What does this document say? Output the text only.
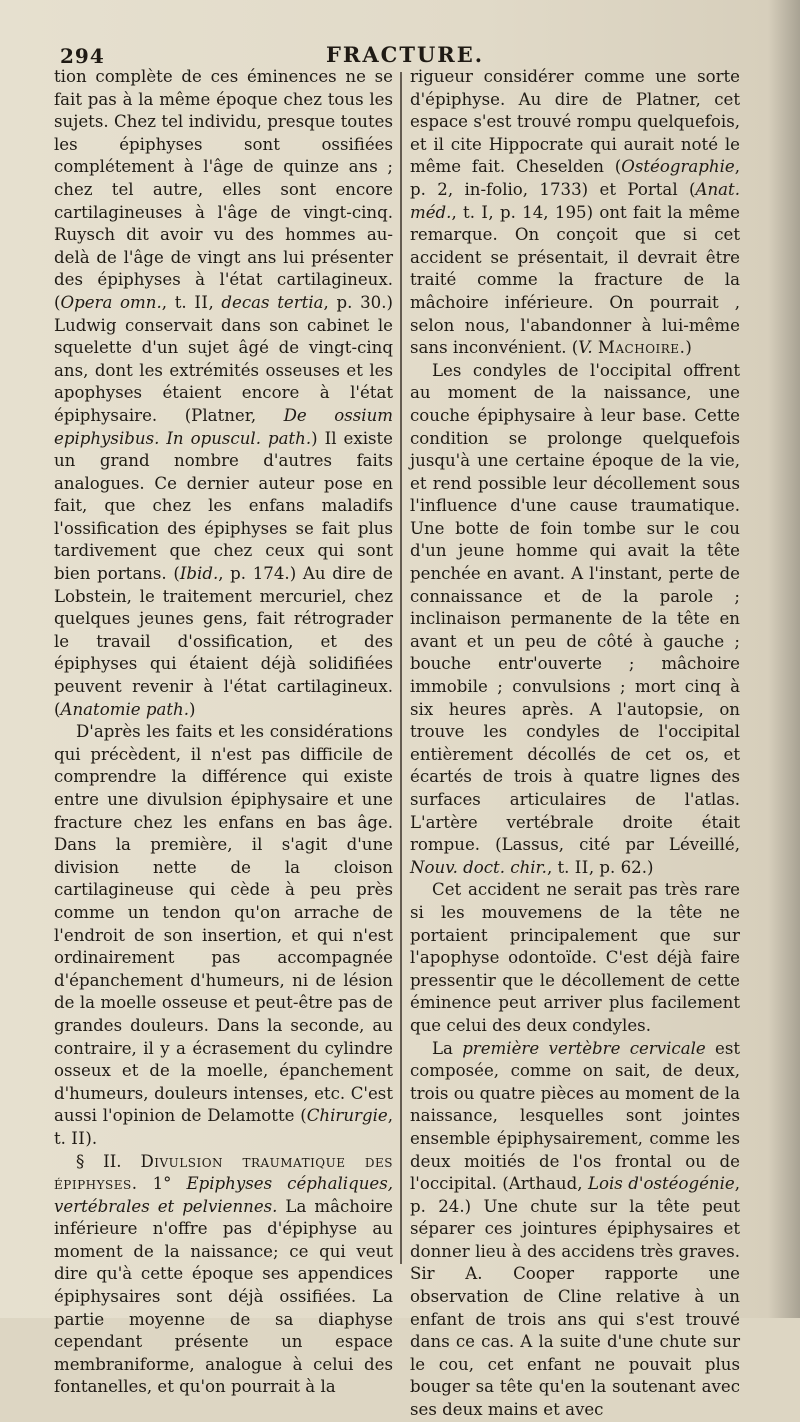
294	FRACTURE.

tion complète de ces éminences ne se fait pas à la même époque chez tous les sujets. Chez tel individu, presque toutes les épiphyses sont ossifiées complétement à l'âge de quinze ans ; chez tel autre, elles sont encore cartilagineuses à l'âge de vingt-cinq. Ruysch dit avoir vu des hommes au-delà de l'âge de vingt ans lui présenter des épiphyses à l'état cartilagineux. (Opera omn., t. II, decas tertia, p. 30.) Ludwig conservait dans son cabinet le squelette d'un sujet âgé de vingt-cinq ans, dont les extrémités osseuses et les apophyses étaient encore à l'état épiphysaire. (Platner, De ossium epiphysibus. In opuscul. path.) Il existe un grand nombre d'autres faits analogues. Ce dernier auteur pose en fait, que chez les enfans maladifs l'ossification des épiphyses se fait plus tardivement que chez ceux qui sont bien portans. (Ibid., p. 174.) Au dire de Lobstein, le traitement mercuriel, chez quelques jeunes gens, fait rétrograder le travail d'ossification, et des épiphyses qui étaient déjà solidifiées peuvent revenir à l'état cartilagineux. (Anatomie path.)

D'après les faits et les considérations qui précèdent, il n'est pas difficile de comprendre la différence qui existe entre une divulsion épiphysaire et une fracture chez les enfans en bas âge. Dans la première, il s'agit d'une division nette de la cloison cartilagineuse qui cède à peu près comme un tendon qu'on arrache de l'endroit de son insertion, et qui n'est ordinairement pas accompagnée d'épanchement d'humeurs, ni de lésion de la moelle osseuse et peut-être pas de grandes douleurs. Dans la seconde, au contraire, il y a écrasement du cylindre osseux et de la moelle, épanchement d'humeurs, douleurs intenses, etc. C'est aussi l'opinion de Delamotte (Chirurgie, t. II).

§ II. Divulsion traumatique des épiphyses. 1° Epiphyses céphaliques, vertébrales et pelviennes. La mâchoire inférieure n'offre pas d'épiphyse au moment de la naissance; ce qui veut dire qu'à cette époque ses appendices épiphysaires sont déjà ossifiées. La partie moyenne de sa diaphyse cependant présente un espace membraniforme, analogue à celui des fontanelles, et qu'on pourrait à la

rigueur considérer comme une sorte d'épiphyse. Au dire de Platner, cet espace s'est trouvé rompu quelquefois, et il cite Hippocrate qui aurait noté le même fait. Cheselden (Ostéographie, p. 2, in-folio, 1733) et Portal (Anat. méd., t. I, p. 14, 195) ont fait la même remarque. On conçoit que si cet accident se présentait, il devrait être traité comme la fracture de la mâchoire inférieure. On pourrait , selon nous, l'abandonner à lui-même sans inconvénient. (V. Machoire.)

Les condyles de l'occipital offrent au moment de la naissance, une couche épiphysaire à leur base. Cette condition se prolonge quelquefois jusqu'à une certaine époque de la vie, et rend possible leur décollement sous l'influence d'une cause traumatique. Une botte de foin tombe sur le cou d'un jeune homme qui avait la tête penchée en avant. A l'instant, perte de connaissance et de la parole ; inclinaison permanente de la tête en avant et un peu de côté à gauche ; bouche entr'ouverte ; mâchoire immobile ; convulsions ; mort cinq à six heures après. A l'autopsie, on trouve les condyles de l'occipital entièrement décollés de cet os, et écartés de trois à quatre lignes des surfaces articulaires de l'atlas. L'artère vertébrale droite était rompue. (Lassus, cité par Léveillé, Nouv. doct. chir., t. II, p. 62.)

Cet accident ne serait pas très rare si les mouvemens de la tête ne portaient principalement que sur l'apophyse odontoïde. C'est déjà faire pressentir que le décollement de cette éminence peut arriver plus facilement que celui des deux condyles.

La première vertèbre cervicale est composée, comme on sait, de deux, trois ou quatre pièces au moment de la naissance, lesquelles sont jointes ensemble épiphysairement, comme les deux moitiés de l'os frontal ou de l'occipital. (Arthaud, Lois d'ostéogénie, p. 24.) Une chute sur la tête peut séparer ces jointures épiphysaires et donner lieu à des accidens très graves. Sir A. Cooper rapporte une observation de Cline relative à un enfant de trois ans qui s'est trouvé dans ce cas. A la suite d'une chute sur le cou, cet enfant ne pouvait plus bouger sa tête qu'en la soutenant avec ses deux mains et avec
